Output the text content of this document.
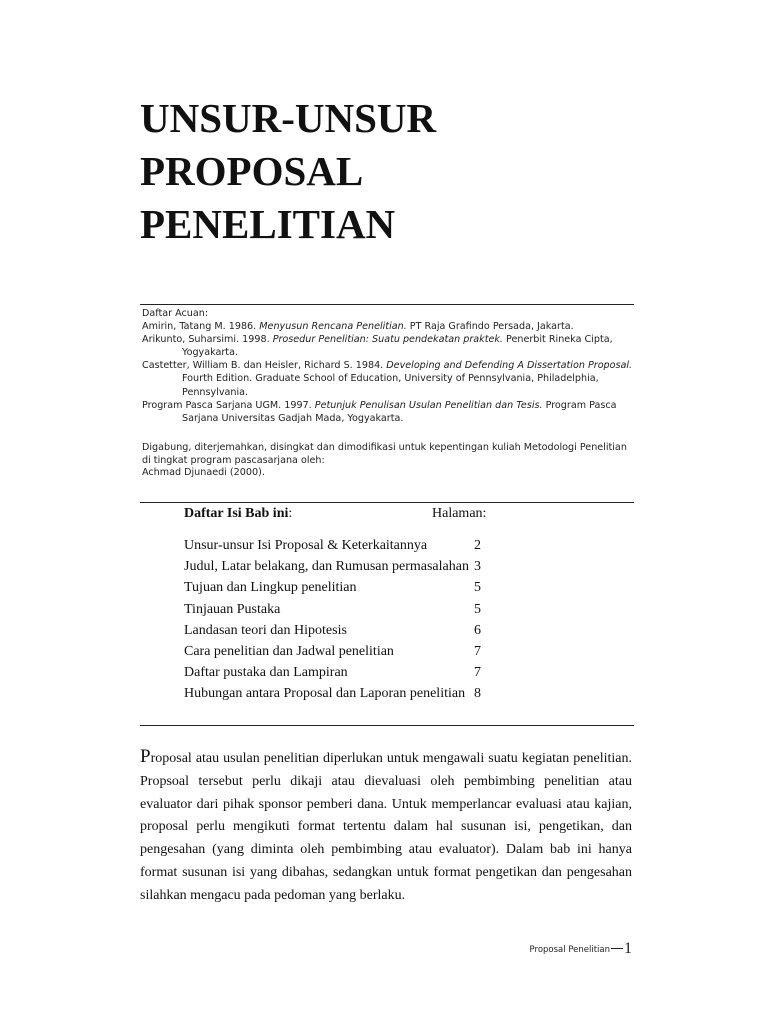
UNSUR-UNSUR
PROPOSAL
PENELITIAN
Daftar Acuan:
Amirin, Tatang M. 1986. Menyusun Rencana Penelitian. PT Raja Grafindo Persada, Jakarta.
Arikunto, Suharsimi. 1998. Prosedur Penelitian: Suatu pendekatan praktek. Penerbit Rineka Cipta, Yogyakarta.
Castetter, William B. dan Heisler, Richard S. 1984. Developing and Defending A Dissertation Proposal. Fourth Edition. Graduate School of Education, University of Pennsylvania, Philadelphia, Pennsylvania.
Program Pasca Sarjana UGM. 1997. Petunjuk Penulisan Usulan Penelitian dan Tesis. Program Pasca Sarjana Universitas Gadjah Mada, Yogyakarta.
Digabung, diterjemahkan, disingkat dan dimodifikasi untuk kepentingan kuliah Metodologi Penelitian di tingkat program pascasarjana oleh:
Achmad Djunaedi (2000).
Daftar Isi Bab ini:	Halaman:
Unsur-unsur Isi Proposal & Keterkaitannya	2
Judul, Latar belakang, dan Rumusan permasalahan 3
Tujuan dan Lingkup penelitian	5
Tinjauan Pustaka	5
Landasan teori dan Hipotesis	6
Cara penelitian dan Jadwal penelitian	7
Daftar pustaka dan Lampiran	7
Hubungan antara Proposal dan Laporan penelitian 8
Proposal atau usulan penelitian diperlukan untuk mengawali suatu kegiatan penelitian. Propsoal tersebut perlu dikaji atau dievaluasi oleh pembimbing penelitian atau evaluator dari pihak sponsor pemberi dana. Untuk memperlancar evaluasi atau kajian, proposal perlu mengikuti format tertentu dalam hal susunan isi, pengetikan, dan pengesahan (yang diminta oleh pembimbing atau evaluator). Dalam bab ini hanya format susunan isi yang dibahas, sedangkan untuk format pengetikan dan pengesahan silahkan mengacu pada pedoman yang berlaku.
Proposal Penelitian 1
